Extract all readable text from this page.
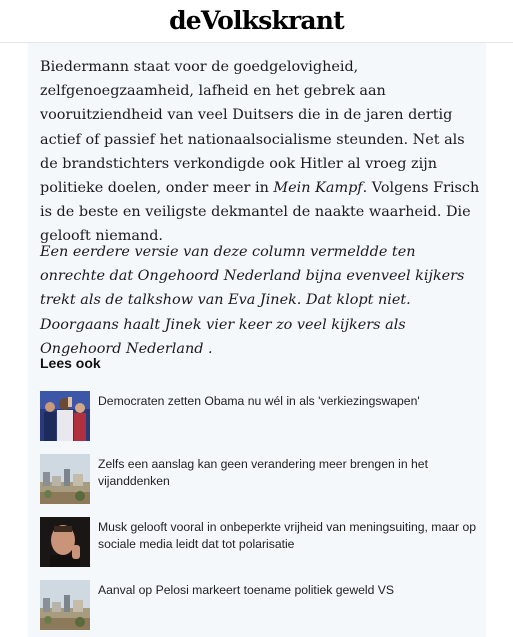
deVolkskrant

Biedermann staat voor de goedgelovigheid, zelfgenoegzaamheid, lafheid en het gebrek aan vooruitziendheid van veel Duitsers die in de jaren dertig actief of passief het nationaalsocialisme steunden. Net als de brandstichters verkondigde ook Hitler al vroeg zijn politieke doelen, onder meer in Mein Kampf. Volgens Frisch is de beste en veiligste dekmantel de naakte waarheid. Die gelooft niemand.

Een eerdere versie van deze column vermeldde ten onrechte dat Ongehoord Nederland bijna evenveel kijkers trekt als de talkshow van Eva Jinek. Dat klopt niet. Doorgaans haalt Jinek vier keer zo veel kijkers als Ongehoord Nederland .

Lees ook
Democraten zetten Obama nu wél in als 'verkiezingswapen'
Zelfs een aanslag kan geen verandering meer brengen in het vijanddenken
Musk gelooft vooral in onbeperkte vrijheid van meningsuiting, maar op sociale media leidt dat tot polarisatie
Aanval op Pelosi markeert toename politiek geweld VS
